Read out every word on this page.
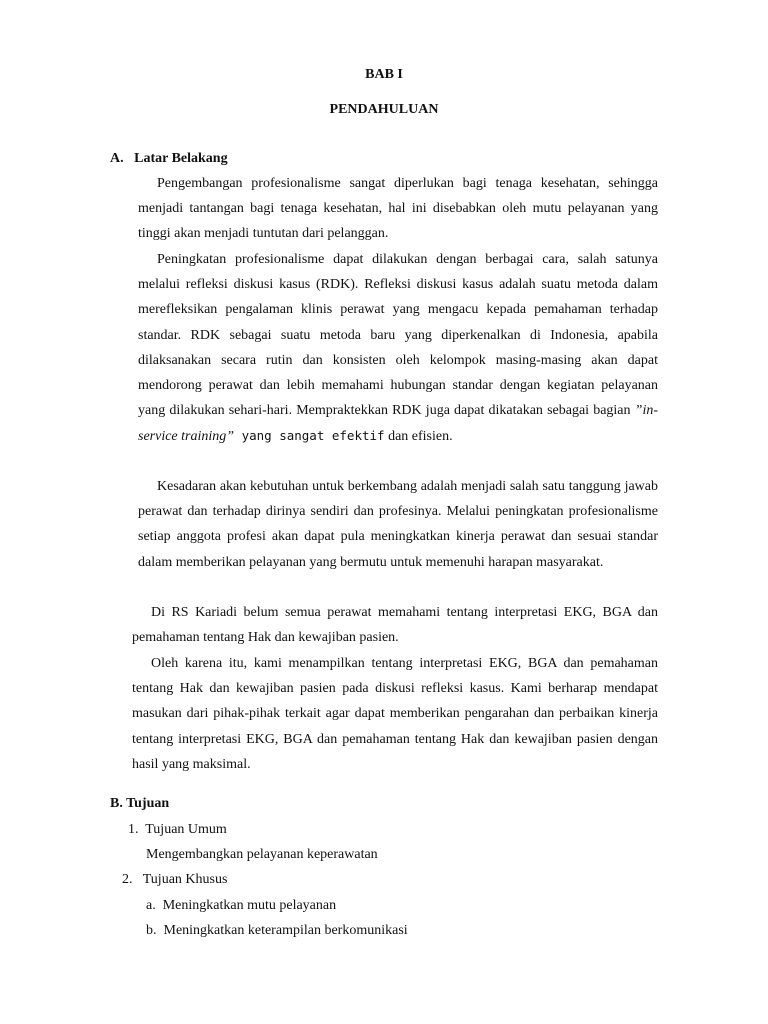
BAB I
PENDAHULUAN
A.   Latar Belakang

Pengembangan profesionalisme sangat diperlukan bagi tenaga kesehatan, sehingga menjadi tantangan bagi tenaga kesehatan, hal ini disebabkan oleh mutu pelayanan yang tinggi akan menjadi tuntutan dari pelanggan.

Peningkatan profesionalisme dapat dilakukan dengan berbagai cara, salah satunya melalui refleksi diskusi kasus (RDK). Refleksi diskusi kasus adalah suatu metoda dalam merefleksikan pengalaman klinis perawat yang mengacu kepada pemahaman terhadap standar. RDK sebagai suatu metoda baru yang diperkenalkan di Indonesia, apabila dilaksanakan secara rutin dan konsisten oleh kelompok masing-masing akan dapat mendorong perawat dan lebih memahami hubungan standar dengan kegiatan pelayanan yang dilakukan sehari-hari. Mempraktekkan RDK juga dapat dikatakan sebagai bagian ”in-service training” yang sangat efektif dan efisien.

Kesadaran akan kebutuhan untuk berkembang adalah menjadi salah satu tanggung jawab perawat dan terhadap dirinya sendiri dan profesinya. Melalui peningkatan profesionalisme setiap anggota profesi akan dapat pula meningkatkan kinerja perawat dan sesuai standar dalam memberikan pelayanan yang bermutu untuk memenuhi harapan masyarakat.

Di RS Kariadi belum semua perawat memahami tentang interpretasi EKG, BGA dan pemahaman tentang Hak dan kewajiban pasien.

Oleh karena itu, kami menampilkan tentang interpretasi EKG, BGA dan pemahaman tentang Hak dan kewajiban pasien pada diskusi refleksi kasus. Kami berharap mendapat masukan dari pihak-pihak terkait agar dapat memberikan pengarahan dan perbaikan kinerja tentang interpretasi EKG, BGA dan pemahaman tentang Hak dan kewajiban pasien dengan hasil yang maksimal.

B. Tujuan
1.  Tujuan Umum
Mengembangkan pelayanan keperawatan
2.   Tujuan Khusus
a.  Meningkatkan mutu pelayanan
b.  Meningkatkan keterampilan berkomunikasi
